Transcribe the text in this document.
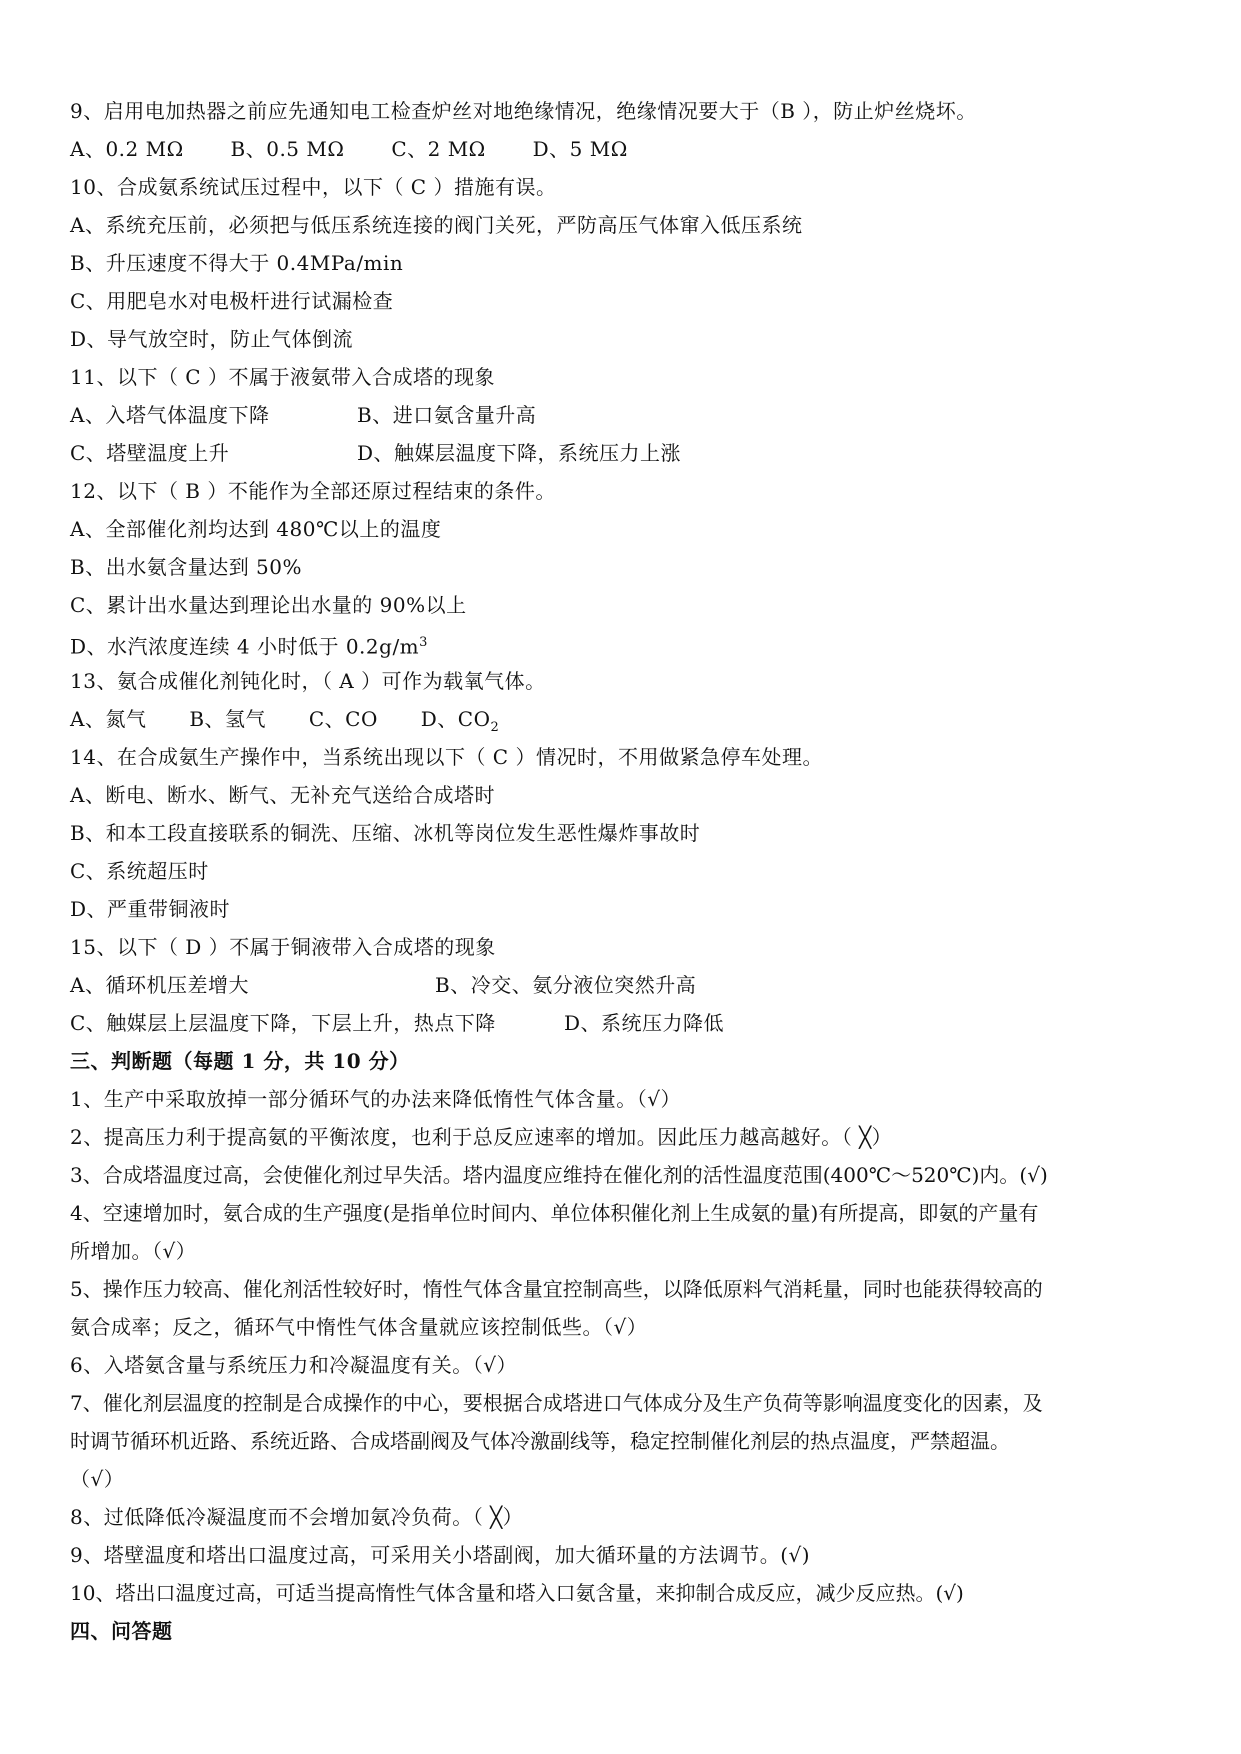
9、启用电加热器之前应先通知电工检查炉丝对地绝缘情况，绝缘情况要大于（B ），防止炉丝烧坏。
A、0.2 MΩ B、0.5 MΩ C、2 MΩ D、5 MΩ
10、合成氨系统试压过程中，以下（ C ）措施有误。
A、系统充压前，必须把与低压系统连接的阀门关死，严防高压气体窜入低压系统
B、升压速度不得大于 0.4MPa/min
C、用肥皂水对电极杆进行试漏检查
D、导气放空时，防止气体倒流
11、以下（ C ）不属于液氨带入合成塔的现象
A、入塔气体温度下降	B、进口氨含量升高
C、塔壁温度上升	D、触媒层温度下降，系统压力上涨
12、以下（ B ）不能作为全部还原过程结束的条件。
A、全部催化剂均达到 480℃以上的温度
B、出水氨含量达到 50%
C、累计出水量达到理论出水量的 90%以上
D、水汽浓度连续 4 小时低于 $0.2g/m^3$
13、氨合成催化剂钝化时，（ A ）可作为载氧气体。
A、氮气 B、氢气 C、CO D、$CO_2$
14、在合成氨生产操作中，当系统出现以下（ C ）情况时，不用做紧急停车处理。
A、断电、断水、断气、无补充气送给合成塔时
B、和本工段直接联系的铜洗、压缩、冰机等岗位发生恶性爆炸事故时
C、系统超压时
D、严重带铜液时
15、以下（ D ）不属于铜液带入合成塔的现象
A、循环机压差增大	B、冷交、氨分液位突然升高
C、触媒层上层温度下降，下层上升，热点下降	D、系统压力降低
三、判断题（每题 1 分，共 10 分）
1、生产中采取放掉一部分循环气的办法来降低惰性气体含量。（√）
2、提高压力利于提高氨的平衡浓度，也利于总反应速率的增加。因此压力越高越好。（ ╳）
3、合成塔温度过高，会使催化剂过早失活。塔内温度应维持在催化剂的活性温度范围(400℃～520℃)内。(√)
4、空速增加时，氨合成的生产强度(是指单位时间内、单位体积催化剂上生成氨的量)有所提高，即氨的产量有
所增加。（√）
5、操作压力较高、催化剂活性较好时，惰性气体含量宜控制高些，以降低原料气消耗量，同时也能获得较高的
氨合成率；反之，循环气中惰性气体含量就应该控制低些。（√）
6、入塔氨含量与系统压力和冷凝温度有关。（√）
7、催化剂层温度的控制是合成操作的中心，要根据合成塔进口气体成分及生产负荷等影响温度变化的因素，及
时调节循环机近路、系统近路、合成塔副阀及气体冷激副线等，稳定控制催化剂层的热点温度，严禁超温。
（√）
8、过低降低冷凝温度而不会增加氨冷负荷。（ ╳）
9、塔壁温度和塔出口温度过高，可采用关小塔副阀，加大循环量的方法调节。(√)
10、塔出口温度过高，可适当提高惰性气体含量和塔入口氨含量，来抑制合成反应，减少反应热。(√)
四、问答题
